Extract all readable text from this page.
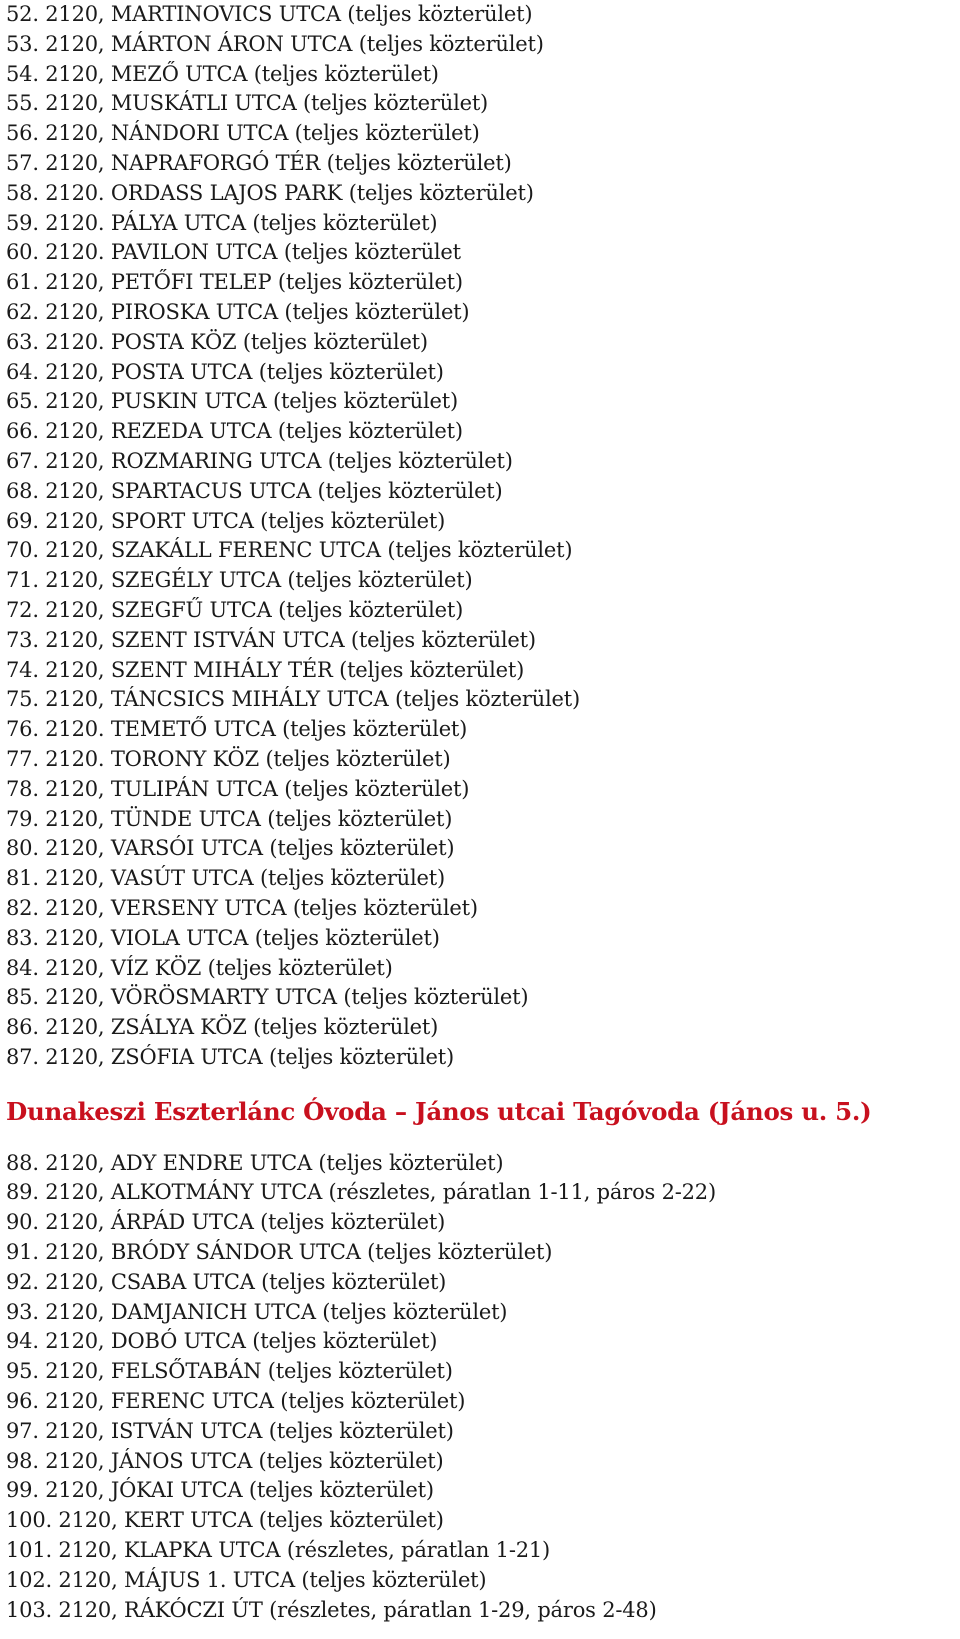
52. 2120, MARTINOVICS UTCA (teljes közterület)
53. 2120, MÁRTON ÁRON UTCA (teljes közterület)
54. 2120, MEZŐ UTCA (teljes közterület)
55. 2120, MUSKÁTLI UTCA (teljes közterület)
56. 2120, NÁNDORI UTCA (teljes közterület)
57. 2120, NAPRAFORGÓ TÉR (teljes közterület)
58. 2120. ORDASS LAJOS PARK (teljes közterület)
59. 2120. PÁLYA UTCA (teljes közterület)
60. 2120. PAVILON UTCA (teljes közterület
61. 2120, PETŐFI TELEP (teljes közterület)
62. 2120, PIROSKA UTCA (teljes közterület)
63. 2120. POSTA KÖZ (teljes közterület)
64. 2120, POSTA UTCA (teljes közterület)
65. 2120, PUSKIN UTCA (teljes közterület)
66. 2120, REZEDA UTCA (teljes közterület)
67. 2120, ROZMARING UTCA (teljes közterület)
68. 2120, SPARTACUS UTCA (teljes közterület)
69. 2120, SPORT UTCA (teljes közterület)
70. 2120, SZAKÁLL FERENC UTCA (teljes közterület)
71. 2120, SZEGÉLY UTCA (teljes közterület)
72. 2120, SZEGFŰ UTCA (teljes közterület)
73. 2120, SZENT ISTVÁN UTCA (teljes közterület)
74. 2120, SZENT MIHÁLY TÉR (teljes közterület)
75. 2120, TÁNCSICS MIHÁLY UTCA (teljes közterület)
76. 2120. TEMETŐ UTCA (teljes közterület)
77. 2120. TORONY KÖZ (teljes közterület)
78. 2120, TULIPÁN UTCA (teljes közterület)
79. 2120, TÜNDE UTCA (teljes közterület)
80. 2120, VARSÓI UTCA (teljes közterület)
81. 2120, VASÚT UTCA (teljes közterület)
82. 2120, VERSENY UTCA (teljes közterület)
83. 2120, VIOLA UTCA (teljes közterület)
84. 2120, VÍZ KÖZ (teljes közterület)
85. 2120, VÖRÖSMARTY UTCA (teljes közterület)
86. 2120, ZSÁLYA KÖZ (teljes közterület)
87. 2120, ZSÓFIA UTCA (teljes közterület)
Dunakeszi Eszterlánc Óvoda – János utcai Tagóvoda (János u. 5.)
88. 2120, ADY ENDRE UTCA (teljes közterület)
89. 2120, ALKOTMÁNY UTCA (részletes, páratlan 1-11, páros 2-22)
90. 2120, ÁRPÁD UTCA (teljes közterület)
91. 2120, BRÓDY SÁNDOR UTCA (teljes közterület)
92. 2120, CSABA UTCA (teljes közterület)
93. 2120, DAMJANICH UTCA (teljes közterület)
94. 2120, DOBÓ UTCA (teljes közterület)
95. 2120, FELSŐTABÁN (teljes közterület)
96. 2120, FERENC UTCA (teljes közterület)
97. 2120, ISTVÁN UTCA (teljes közterület)
98. 2120, JÁNOS UTCA (teljes közterület)
99. 2120, JÓKAI UTCA (teljes közterület)
100. 2120, KERT UTCA (teljes közterület)
101. 2120, KLAPKA UTCA (részletes, páratlan 1-21)
102. 2120, MÁJUS 1. UTCA (teljes közterület)
103. 2120, RÁKÓCZI ÚT (részletes, páratlan 1-29, páros 2-48)
